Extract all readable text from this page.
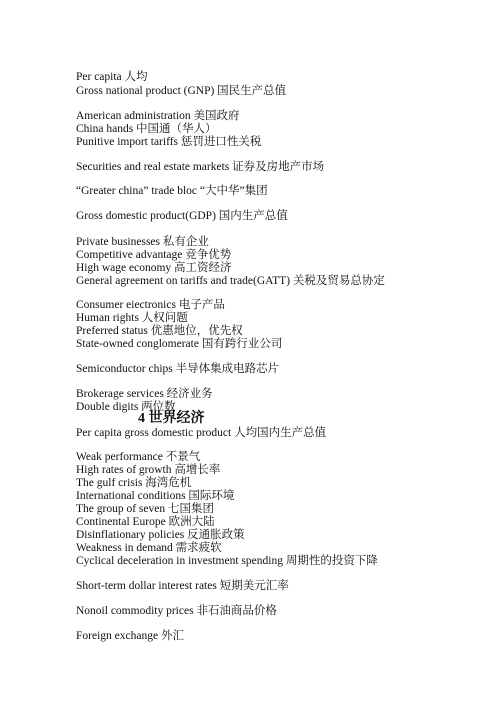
Per capita 人均
Gross national product (GNP) 国民生产总值
American administration 美国政府
China hands 中国通（华人）
Punitive import tariffs 惩罚进口性关税
Securities and real estate markets 证券及房地产市场
“Greater china” trade bloc “大中华”集团
Gross domestic product(GDP) 国内生产总值
Private businesses 私有企业
Competitive advantage 竞争优势
High wage economy 高工资经济
General agreement on tariffs and trade(GATT) 关税及贸易总协定
Consumer eiectronics 电子产品
Human rights 人权问题
Preferred status 优惠地位，优先权
State-owned conglomerate 国有跨行业公司
Semiconductor chips 半导体集成电路芯片
Brokerage services 经济业务
Double digits 两位数
4 世界经济
Per capita gross domestic product 人均国内生产总值
Weak performance 不景气
High rates of growth 高增长率
The gulf crisis 海湾危机
International conditions 国际环境
The group of seven 七国集团
Continental Europe 欧洲大陆
Disinflationary policies 反通胀政策
Weakness in demand 需求疲软
Cyclical deceleration in investment spending 周期性的投资下降
Short-term dollar interest rates 短期美元汇率
Nonoil commodity prices 非石油商品价格
Foreign exchange 外汇
